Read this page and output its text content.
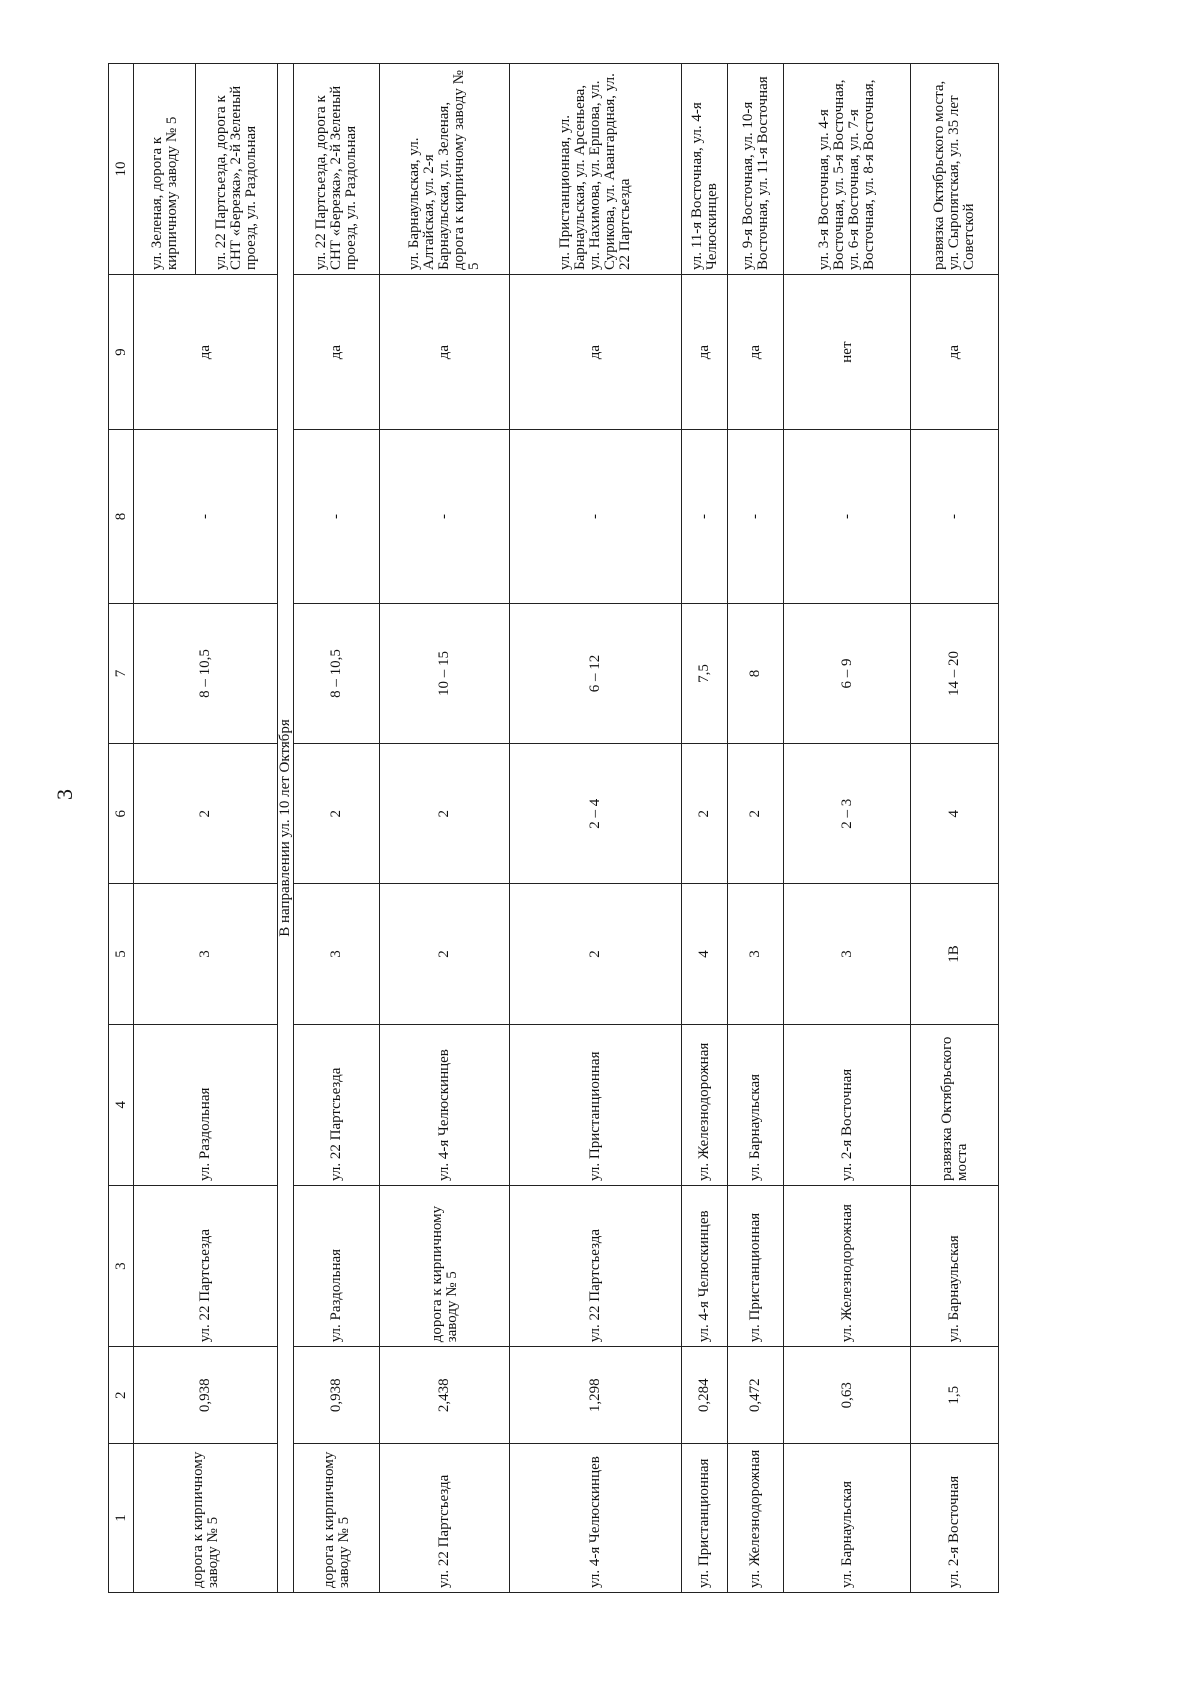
3
1	2	3	4	5	6	7	8	9	10
дорога к кирпичному заводу № 5	0,938	ул. 22 Партсъезда	ул. Раздольная	3	2	8 – 10,5	-	да	ул. Зеленая, дорога к кирпичному заводу № 5
									ул. 22 Партсъезда, дорога к СНТ «Березка», 2-й Зеленый проезд, ул. Раздольная
В направлении ул. 10 лет Октября									
дорога к кирпичному заводу № 5	0,938	ул. Раздольная	ул. 22 Партсъезда	3	2	8 – 10,5	-	да	ул. 22 Партсъезда, дорога к СНТ «Березка», 2-й Зеленый проезд, ул. Раздольная
ул. 22 Партсъезда	2,438	дорога к кирпичному заводу № 5	ул. 4-я Челюскинцев	2	2	10 – 15	-	да	ул. Барнаульская, ул. Алтайская, ул. 2-я Барнаульская, ул. Зеленая, дорога к кирпичному заводу № 5
ул. 4-я Челюскинцев	1,298	ул. 22 Партсъезда	ул. Пристанционная	2	2 – 4	6 – 12	-	да	ул. Пристанционная, ул. Барнаульская, ул. Арсеньева, ул. Нахимова, ул. Ершова, ул. Сурикова, ул. Авангардная, ул. 22 Партсъезда
ул. Пристанционная	0,284	ул. 4-я Челюскинцев	ул. Железнодорожная	4	2	7,5	-	да	ул. 11-я Восточная, ул. 4-я Челюскинцев
ул. Железнодорожная	0,472	ул. Пристанционная	ул. Барнаульская	3	2	8	-	да	ул. 9-я Восточная, ул. 10-я Восточная, ул. 11-я Восточная
ул. Барнаульская	0,63	ул. Железнодорожная	ул. 2-я Восточная	3	2 – 3	6 – 9	-	нет	ул. 3-я Восточная, ул. 4-я Восточная, ул. 5-я Восточная, ул. 6-я Восточная, ул. 7-я Восточная, ул. 8-я Восточная,
ул. 2-я Восточная	1,5	ул. Барнаульская	развязка Октябрьского моста	1В	4	14 – 20	-	да	развязка Октябрьского моста, ул. Сыропятская, ул. 35 лет Советской
